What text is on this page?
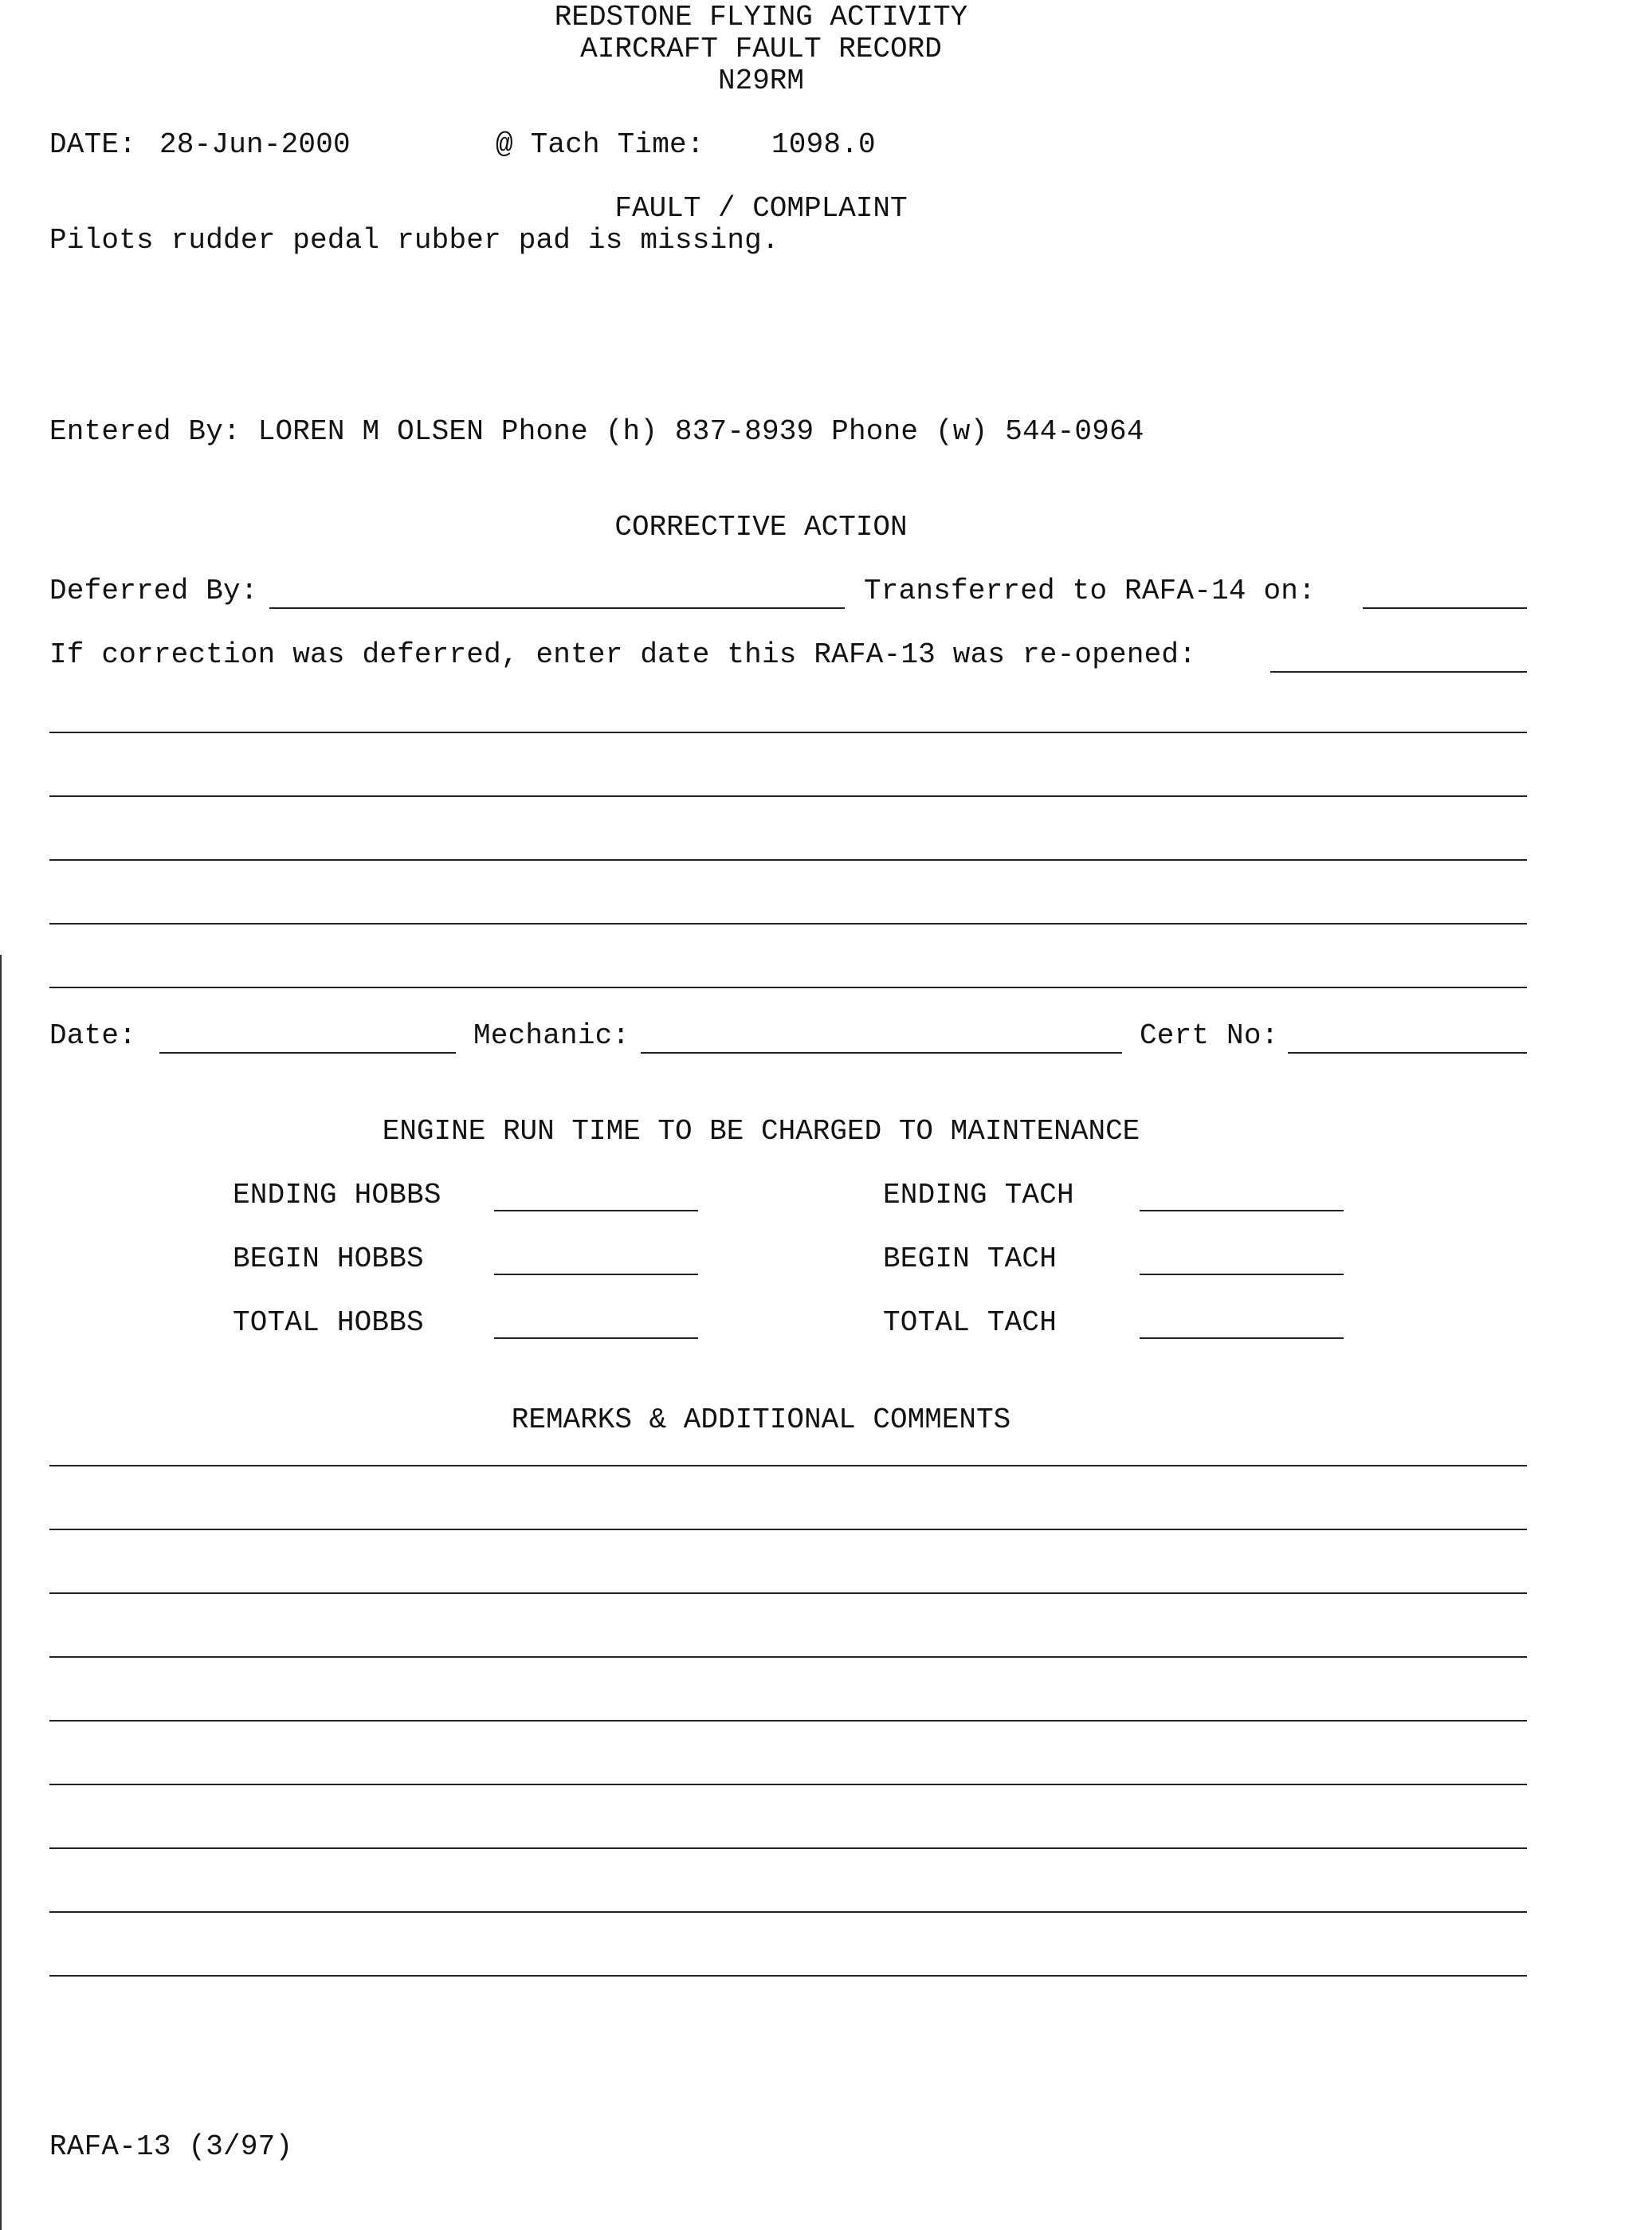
REDSTONE FLYING ACTIVITY
AIRCRAFT FAULT RECORD
N29RM
DATE: 28-Jun-2000	@ Tach Time: 1098.0
FAULT / COMPLAINT
Pilots rudder pedal rubber pad is missing.
Entered By: LOREN M OLSEN Phone (h) 837-8939 Phone (w) 544-0964
CORRECTIVE ACTION
Deferred By:	Transferred to RAFA-14 on:
If correction was deferred, enter date this RAFA-13 was re-opened:
Date:	Mechanic:	Cert No:
ENGINE RUN TIME TO BE CHARGED TO MAINTENANCE
ENDING HOBBS	ENDING TACH
BEGIN HOBBS	BEGIN TACH
TOTAL HOBBS	TOTAL TACH
REMARKS & ADDITIONAL COMMENTS
RAFA-13 (3/97)
